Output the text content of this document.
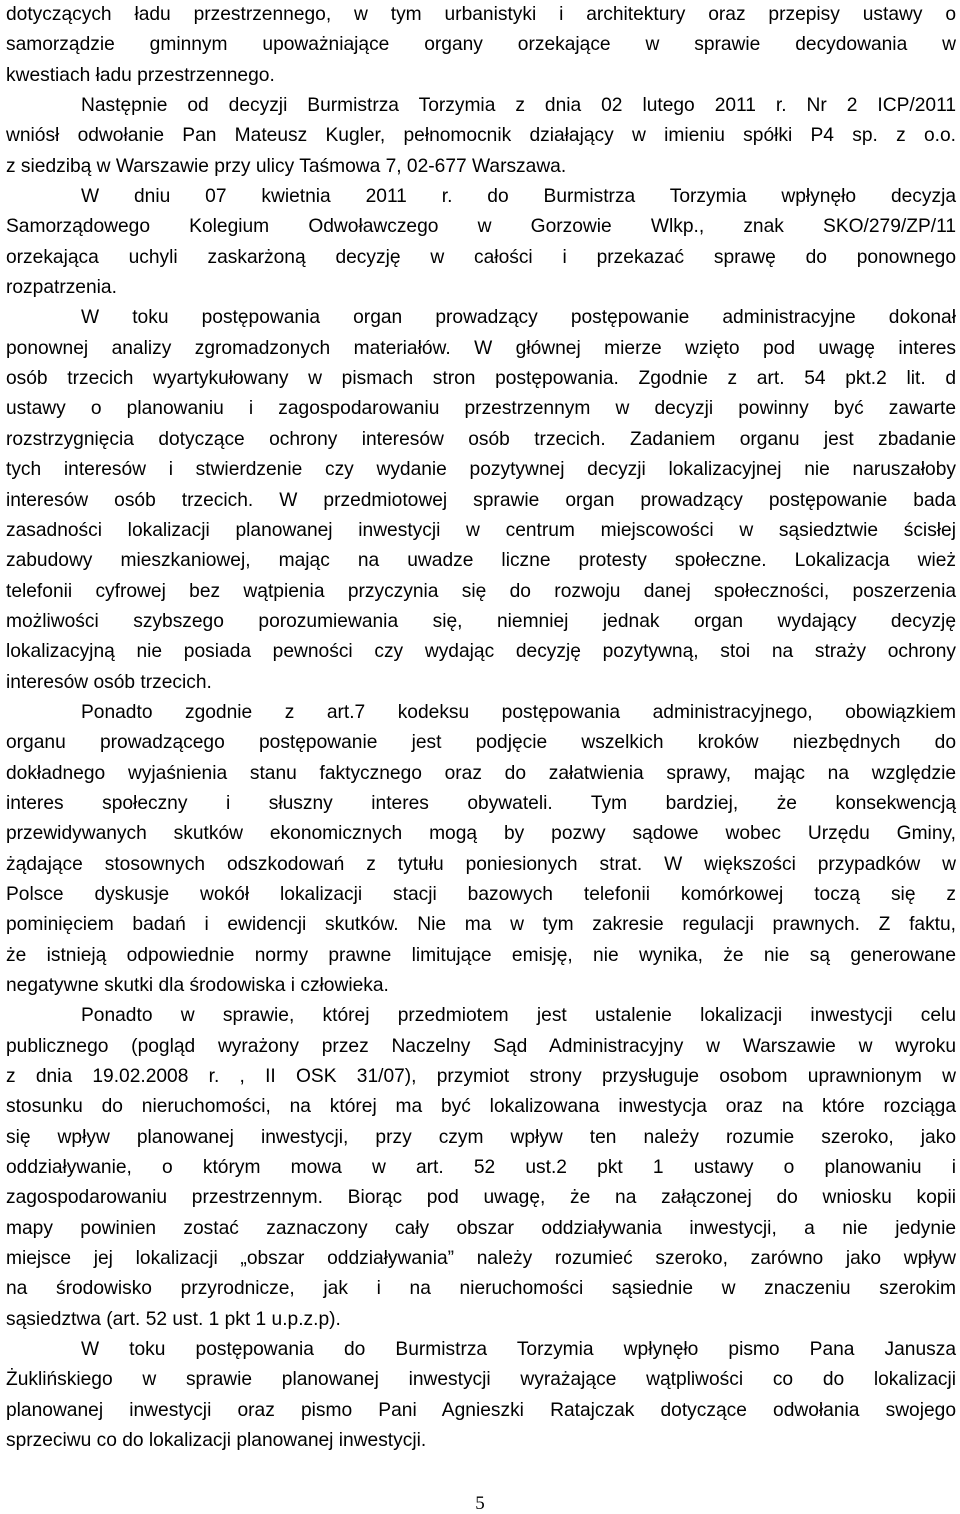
dotyczących ładu przestrzennego, w tym urbanistyki i architektury oraz przepisy ustawy o
samorządzie gminnym upoważniające organy orzekające w sprawie decydowania w
kwestiach ładu przestrzennego.
Następnie od decyzji Burmistrza Torzymia z dnia 02 lutego 2011 r. Nr 2 ICP/2011
wniósł odwołanie Pan Mateusz Kugler, pełnomocnik działający w imieniu spółki P4 sp. z o.o.
z siedzibą w Warszawie przy ulicy Taśmowa 7, 02-677 Warszawa.
W dniu 07 kwietnia 2011 r. do Burmistrza Torzymia wpłynęło decyzja
Samorządowego Kolegium Odwoławczego w Gorzowie Wlkp., znak SKO/279/ZP/11
orzekająca uchyli zaskarżoną decyzję w całości i przekazać sprawę do ponownego
rozpatrzenia.
W toku postępowania organ prowadzący postępowanie administracyjne dokonał
ponownej analizy zgromadzonych materiałów. W głównej mierze wzięto pod uwagę interes
osób trzecich wyartykułowany w pismach stron postępowania. Zgodnie z art. 54 pkt.2 lit. d
ustawy o planowaniu i zagospodarowaniu przestrzennym w decyzji powinny być zawarte
rozstrzygnięcia dotyczące ochrony interesów osób trzecich. Zadaniem organu jest zbadanie
tych interesów i stwierdzenie czy wydanie pozytywnej decyzji lokalizacyjnej nie naruszałoby
interesów osób trzecich. W przedmiotowej sprawie organ prowadzący postępowanie bada
zasadności lokalizacji planowanej inwestycji w centrum miejscowości w sąsiedztwie ścisłej
zabudowy mieszkaniowej, mając na uwadze liczne protesty społeczne. Lokalizacja wież
telefonii cyfrowej bez wątpienia przyczynia się do rozwoju danej społeczności, poszerzenia
możliwości szybszego porozumiewania się, niemniej jednak organ wydający decyzję
lokalizacyjną nie posiada pewności czy wydając decyzję pozytywną, stoi na straży ochrony
interesów osób trzecich.
Ponadto zgodnie z art.7 kodeksu postępowania administracyjnego, obowiązkiem
organu prowadzącego postępowanie jest podjęcie wszelkich kroków niezbędnych do
dokładnego wyjaśnienia stanu faktycznego oraz do załatwienia sprawy, mając na względzie
interes społeczny i słuszny interes obywateli. Tym bardziej, że konsekwencją
przewidywanych skutków ekonomicznych mogą by pozwy sądowe wobec Urzędu Gminy,
żądające stosownych odszkodowań z tytułu poniesionych strat. W większości przypadków w
Polsce dyskusje wokół lokalizacji stacji bazowych telefonii komórkowej toczą się z
pominięciem badań i ewidencji skutków. Nie ma w tym zakresie regulacji prawnych. Z faktu,
że istnieją odpowiednie normy prawne limitujące emisję, nie wynika, że nie są generowane
negatywne skutki dla środowiska i człowieka.
Ponadto w sprawie, której przedmiotem jest ustalenie lokalizacji inwestycji celu
publicznego (pogląd wyrażony przez Naczelny Sąd Administracyjny w Warszawie w wyroku
z dnia 19.02.2008 r. , II OSK 31/07), przymiot strony przysługuje osobom uprawnionym w
stosunku do nieruchomości, na której ma być lokalizowana inwestycja oraz na które rozciąga
się wpływ planowanej inwestycji, przy czym wpływ ten należy rozumie szeroko, jako
oddziaływanie, o którym mowa w art. 52 ust.2 pkt 1 ustawy o planowaniu i
zagospodarowaniu przestrzennym. Biorąc pod uwagę, że na załączonej do wniosku kopii
mapy powinien zostać zaznaczony cały obszar oddziaływania inwestycji, a nie jedynie
miejsce jej lokalizacji „obszar oddziaływania” należy rozumieć szeroko, zarówno jako wpływ
na środowisko przyrodnicze, jak i na nieruchomości sąsiednie w znaczeniu szerokim
sąsiedztwa (art. 52 ust. 1 pkt 1 u.p.z.p).
W toku postępowania do Burmistrza Torzymia wpłynęło pismo Pana Janusza
Żuklińskiego w sprawie planowanej inwestycji wyrażające wątpliwości co do lokalizacji
planowanej inwestycji oraz pismo Pani Agnieszki Ratajczak dotyczące odwołania swojego
sprzeciwu co do lokalizacji planowanej inwestycji.
5
